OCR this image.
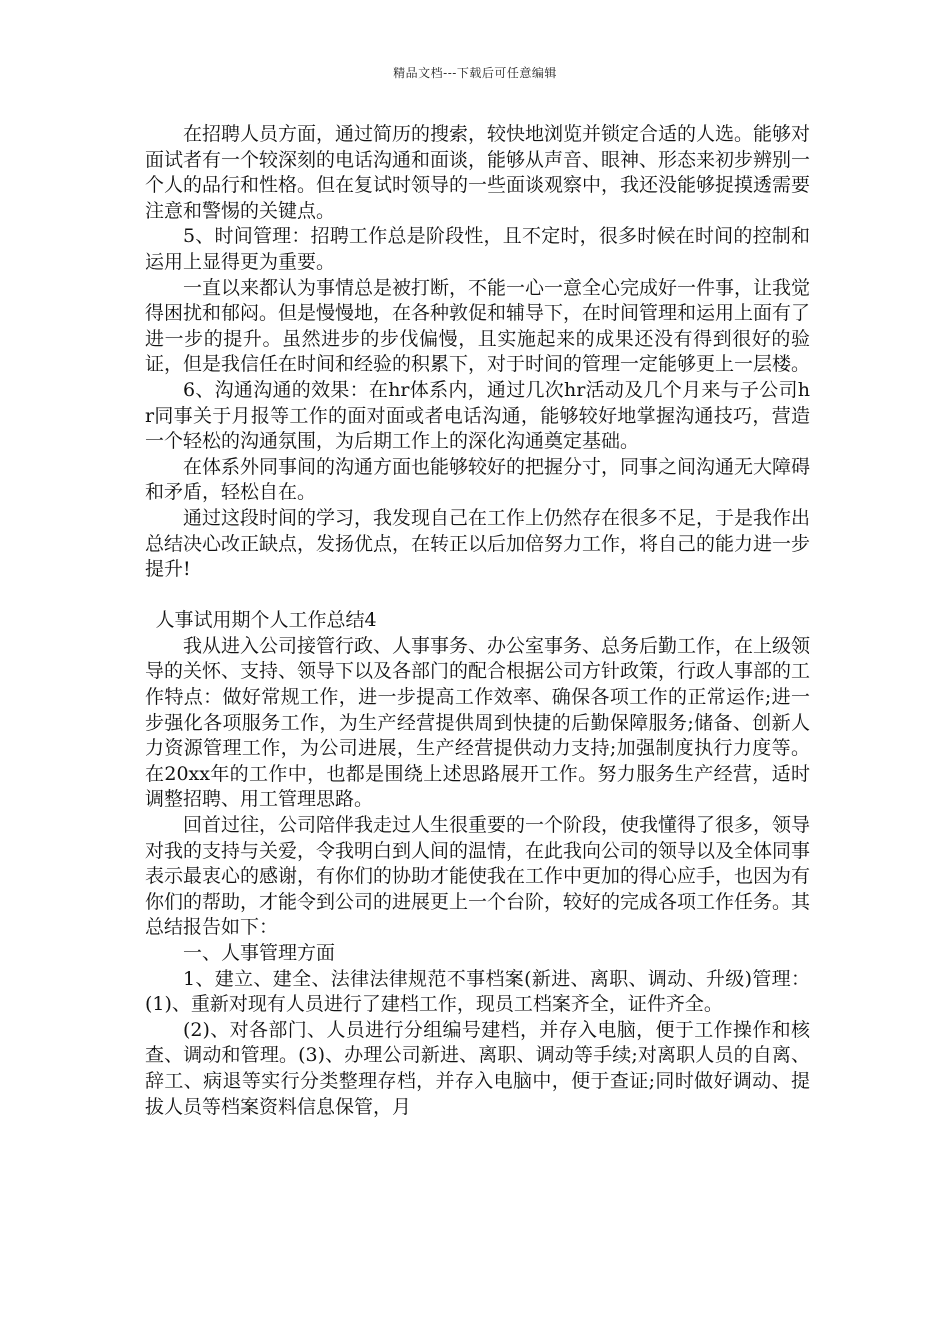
精品文档---下载后可任意编辑

在招聘人员方面，通过简历的搜索，较快地浏览并锁定合适的人选。能够对面试者有一个较深刻的电话沟通和面谈，能够从声音、眼神、形态来初步辨别一个人的品行和性格。但在复试时领导的一些面谈观察中，我还没能够捉摸透需要注意和警惕的关键点。

5、时间管理：招聘工作总是阶段性，且不定时，很多时候在时间的控制和运用上显得更为重要。

一直以来都认为事情总是被打断，不能一心一意全心完成好一件事，让我觉得困扰和郁闷。但是慢慢地，在各种敦促和辅导下，在时间管理和运用上面有了进一步的提升。虽然进步的步伐偏慢，且实施起来的成果还没有得到很好的验证，但是我信任在时间和经验的积累下，对于时间的管理一定能够更上一层楼。

6、沟通沟通的效果：在hr体系内，通过几次hr活动及几个月来与子公司hr同事关于月报等工作的面对面或者电话沟通，能够较好地掌握沟通技巧，营造一个轻松的沟通氛围，为后期工作上的深化沟通奠定基础。

在体系外同事间的沟通方面也能够较好的把握分寸，同事之间沟通无大障碍和矛盾，轻松自在。

通过这段时间的学习，我发现自己在工作上仍然存在很多不足，于是我作出总结决心改正缺点，发扬优点，在转正以后加倍努力工作，将自己的能力进一步提升!

人事试用期个人工作总结4

我从进入公司接管行政、人事事务、办公室事务、总务后勤工作，在上级领导的关怀、支持、领导下以及各部门的配合根据公司方针政策，行政人事部的工作特点：做好常规工作，进一步提高工作效率、确保各项工作的正常运作;进一步强化各项服务工作，为生产经营提供周到快捷的后勤保障服务;储备、创新人力资源管理工作，为公司进展，生产经营提供动力支持;加强制度执行力度等。在20xx年的工作中，也都是围绕上述思路展开工作。努力服务生产经营，适时调整招聘、用工管理思路。

回首过往，公司陪伴我走过人生很重要的一个阶段，使我懂得了很多，领导对我的支持与关爱，令我明白到人间的温情，在此我向公司的领导以及全体同事表示最衷心的感谢，有你们的协助才能使我在工作中更加的得心应手，也因为有你们的帮助，才能令到公司的进展更上一个台阶，较好的完成各项工作任务。其总结报告如下：

一、人事管理方面

1、建立、建全、法律法律规范不事档案(新进、离职、调动、升级)管理：(1)、重新对现有人员进行了建档工作，现员工档案齐全，证件齐全。

(2)、对各部门、人员进行分组编号建档，并存入电脑，便于工作操作和核查、调动和管理。(3)、办理公司新进、离职、调动等手续;对离职人员的自离、辞工、病退等实行分类整理存档，并存入电脑中，便于查证;同时做好调动、提拔人员等档案资料信息保管，月
